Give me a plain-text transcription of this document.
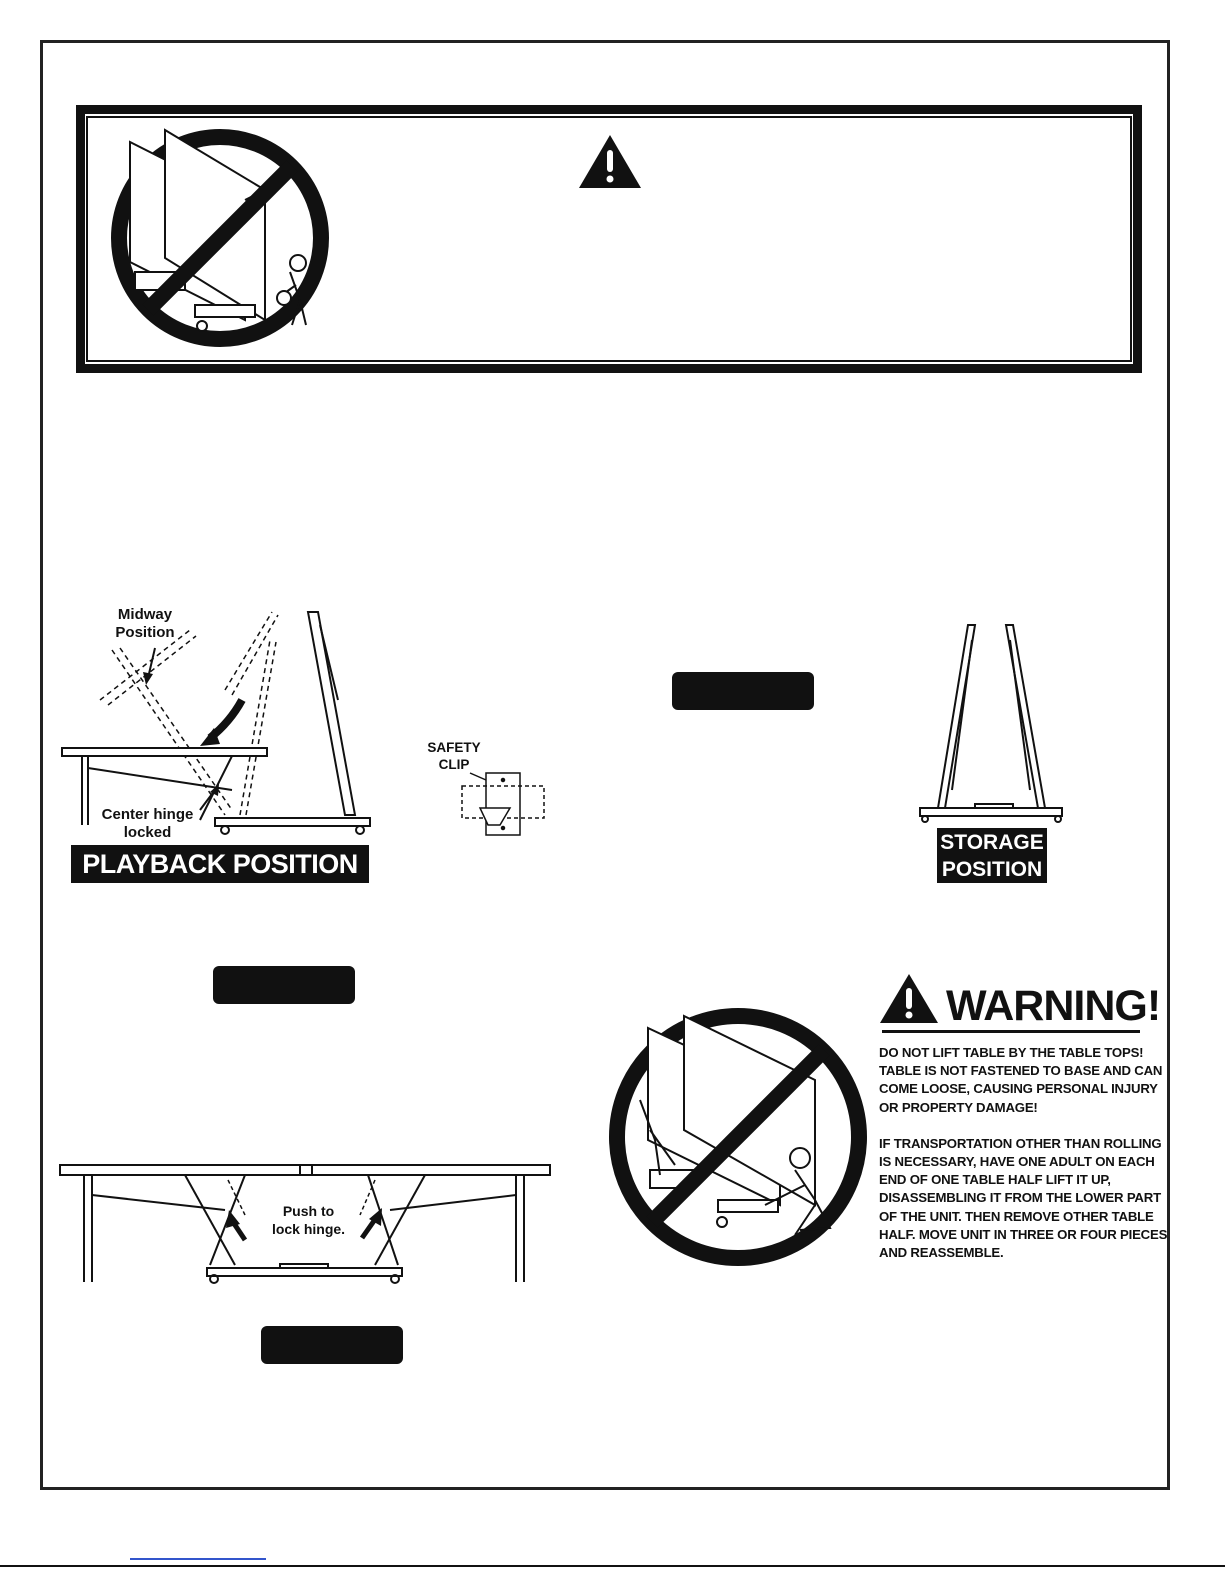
Midway
Position
Center hinge
locked
PLAYBACK POSITION
SAFETY
CLIP
STORAGE
POSITION
Push to
lock hinge.
WARNING!

DO NOT LIFT TABLE BY THE TABLE TOPS! TABLE IS NOT FASTENED TO BASE AND CAN COME LOOSE, CAUSING PERSONAL INJURY OR PROPERTY DAMAGE!

IF TRANSPORTATION OTHER THAN ROLLING IS NECESSARY, HAVE ONE ADULT ON EACH END OF ONE TABLE HALF LIFT IT UP, DISASSEMBLING IT FROM THE LOWER PART OF THE UNIT. THEN REMOVE OTHER TABLE HALF. MOVE UNIT IN THREE OR FOUR PIECES AND REASSEMBLE.
